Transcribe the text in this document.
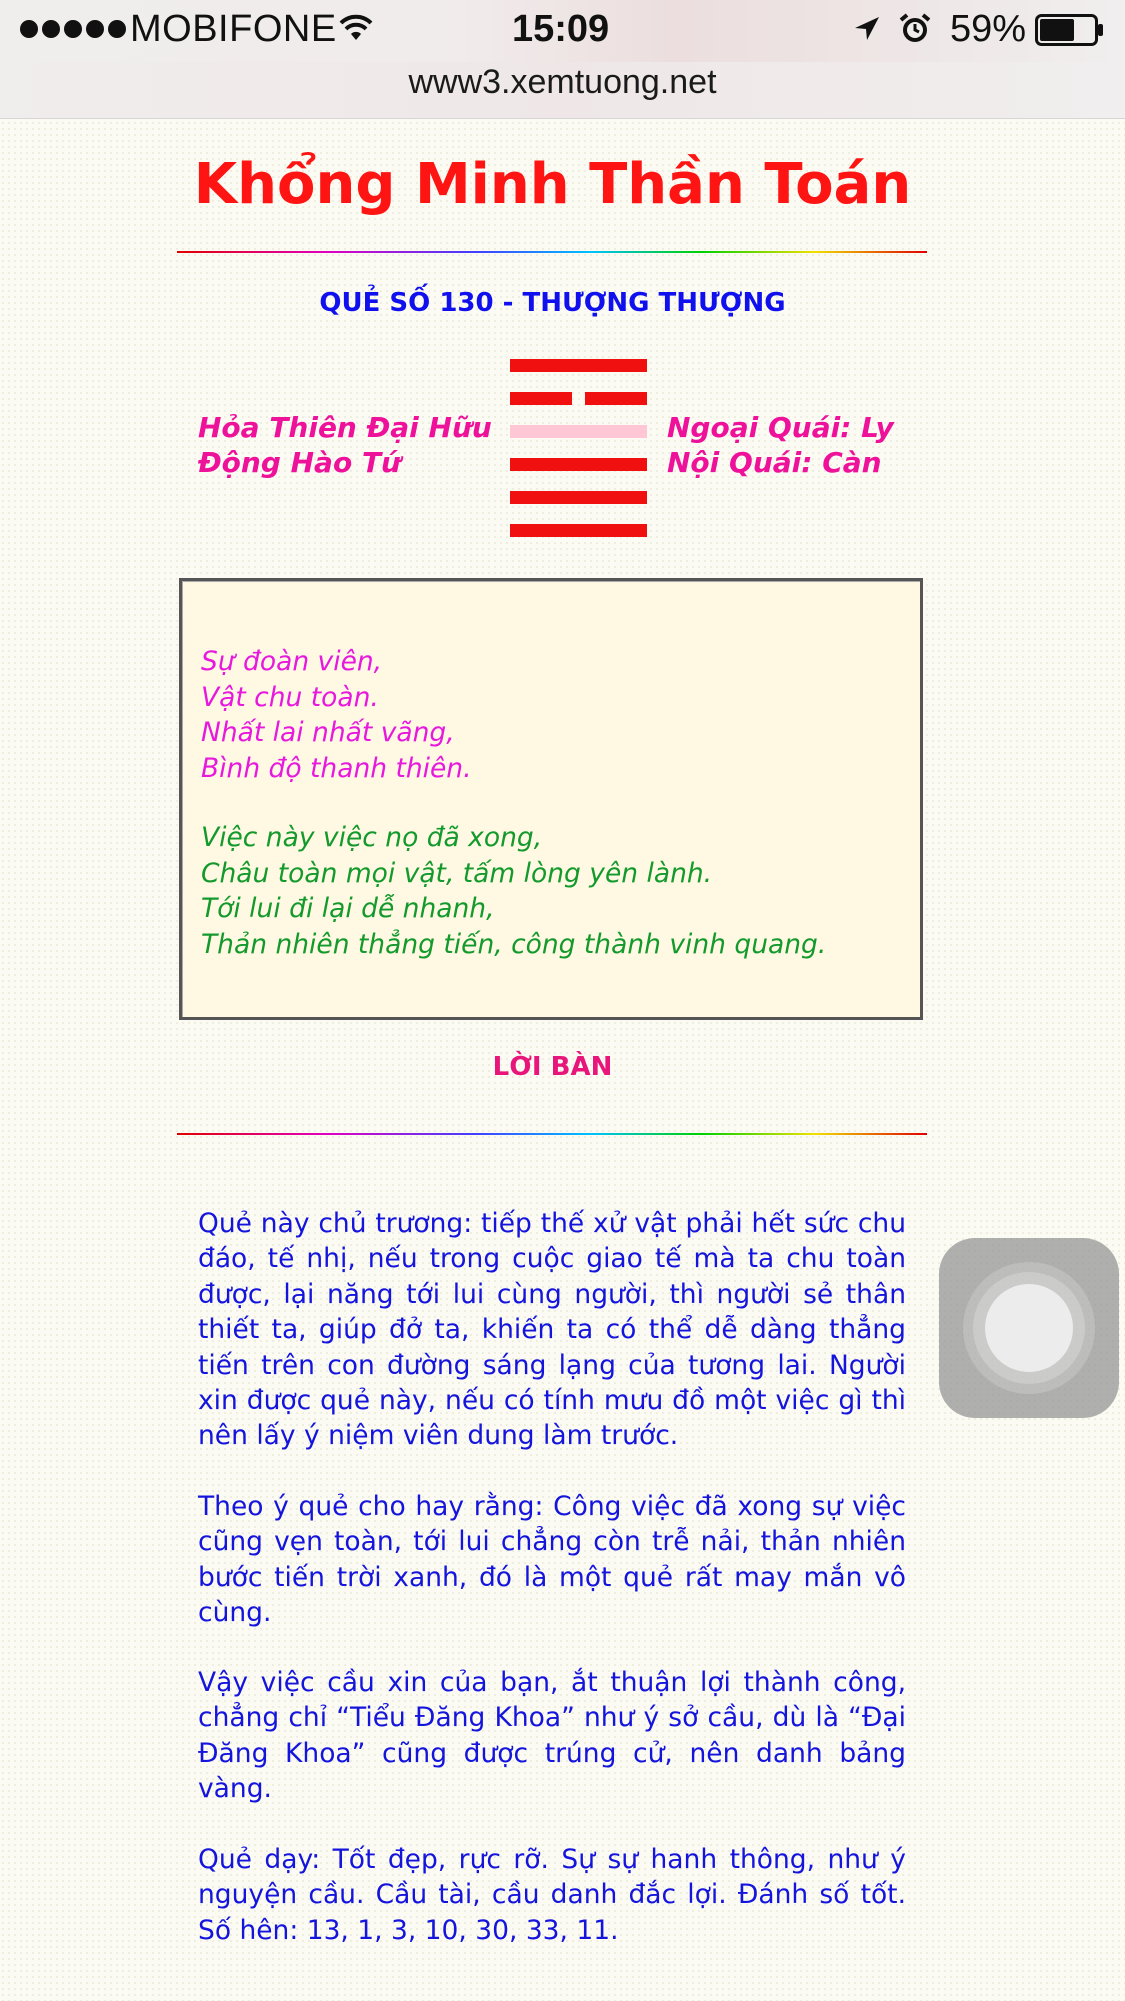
MOBIFONE	15:09	59%
www3.xemtuong.net
Khổng Minh Thần Toán
QUẺ SỐ 130 - THƯỢNG THƯỢNG
Hỏa Thiên Đại Hữu
Động Hào Tứ
Ngoại Quái: Ly
Nội Quái: Càn
Sự đoàn viên,
Vật chu toàn.
Nhất lai nhất vãng,
Bình độ thanh thiên.
Việc này việc nọ đã xong,
Châu toàn mọi vật, tấm lòng yên lành.
Tới lui đi lại dễ nhanh,
Thản nhiên thẳng tiến, công thành vinh quang.
LỜI BÀN
Quẻ này chủ trương: tiếp thế xử vật phải hết sức chu đáo, tế nhị, nếu trong cuộc giao tế mà ta chu toàn được, lại năng tới lui cùng người, thì người sẻ thân thiết ta, giúp đở ta, khiến ta có thể dễ dàng thẳng tiến trên con đường sáng lạng của tương lai. Người xin được quẻ này, nếu có tính mưu đồ một việc gì thì nên lấy ý niệm viên dung làm trước.
Theo ý quẻ cho hay rằng: Công việc đã xong sự việc cũng vẹn toàn, tới lui chẳng còn trễ nải, thản nhiên bước tiến trời xanh, đó là một quẻ rất may mắn vô cùng.
Vậy việc cầu xin của bạn, ắt thuận lợi thành công, chẳng chỉ “Tiểu Đăng Khoa” như ý sở cầu, dù là “Đại Đăng Khoa” cũng được trúng cử, nên danh bảng vàng.
Quẻ dạy: Tốt đẹp, rực rỡ. Sự sự hanh thông, như ý nguyện cầu. Cầu tài, cầu danh đắc lợi. Đánh số tốt. Số hên: 13, 1, 3, 10, 30, 33, 11.
